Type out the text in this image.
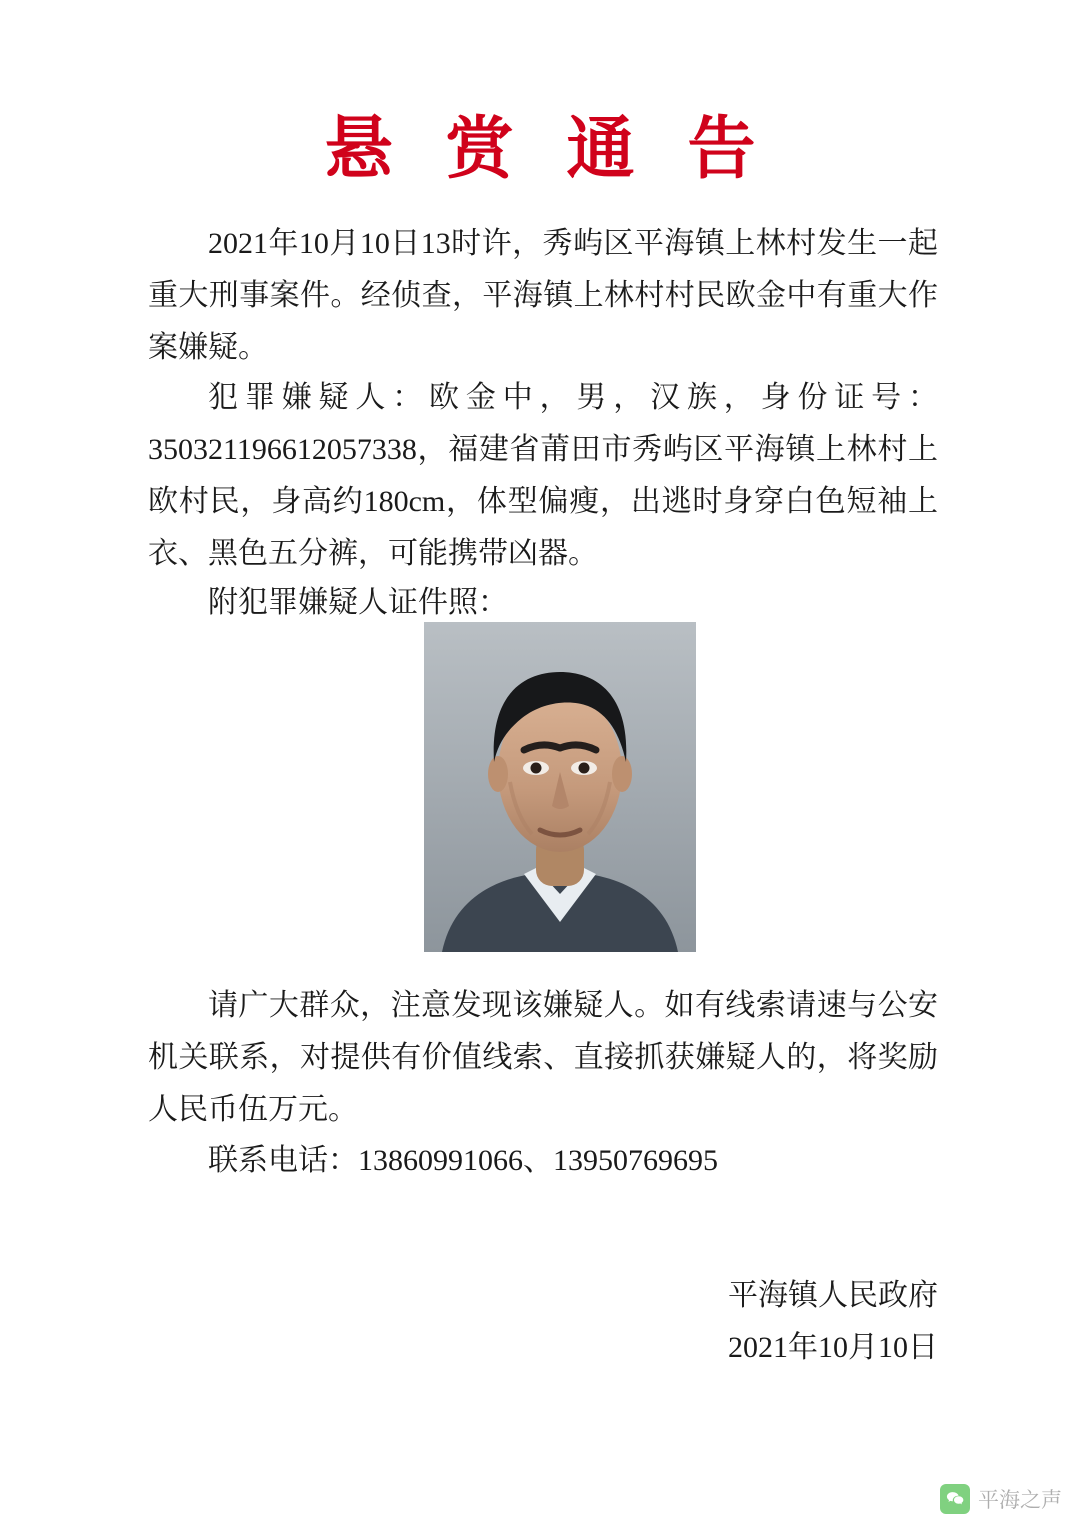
悬 赏 通 告
2021年10月10日13时许，秀屿区平海镇上林村发生一起重大刑事案件。经侦查，平海镇上林村村民欧金中有重大作案嫌疑。
犯罪嫌疑人：欧金中，男，汉族，身份证号：350321196612057338，福建省莆田市秀屿区平海镇上林村上欧村民，身高约180cm，体型偏瘦，出逃时身穿白色短袖上衣、黑色五分裤，可能携带凶器。
附犯罪嫌疑人证件照：
请广大群众，注意发现该嫌疑人。如有线索请速与公安机关联系，对提供有价值线索、直接抓获嫌疑人的，将奖励人民币伍万元。
联系电话：13860991066、13950769695
平海镇人民政府
2021年10月10日
平海之声
